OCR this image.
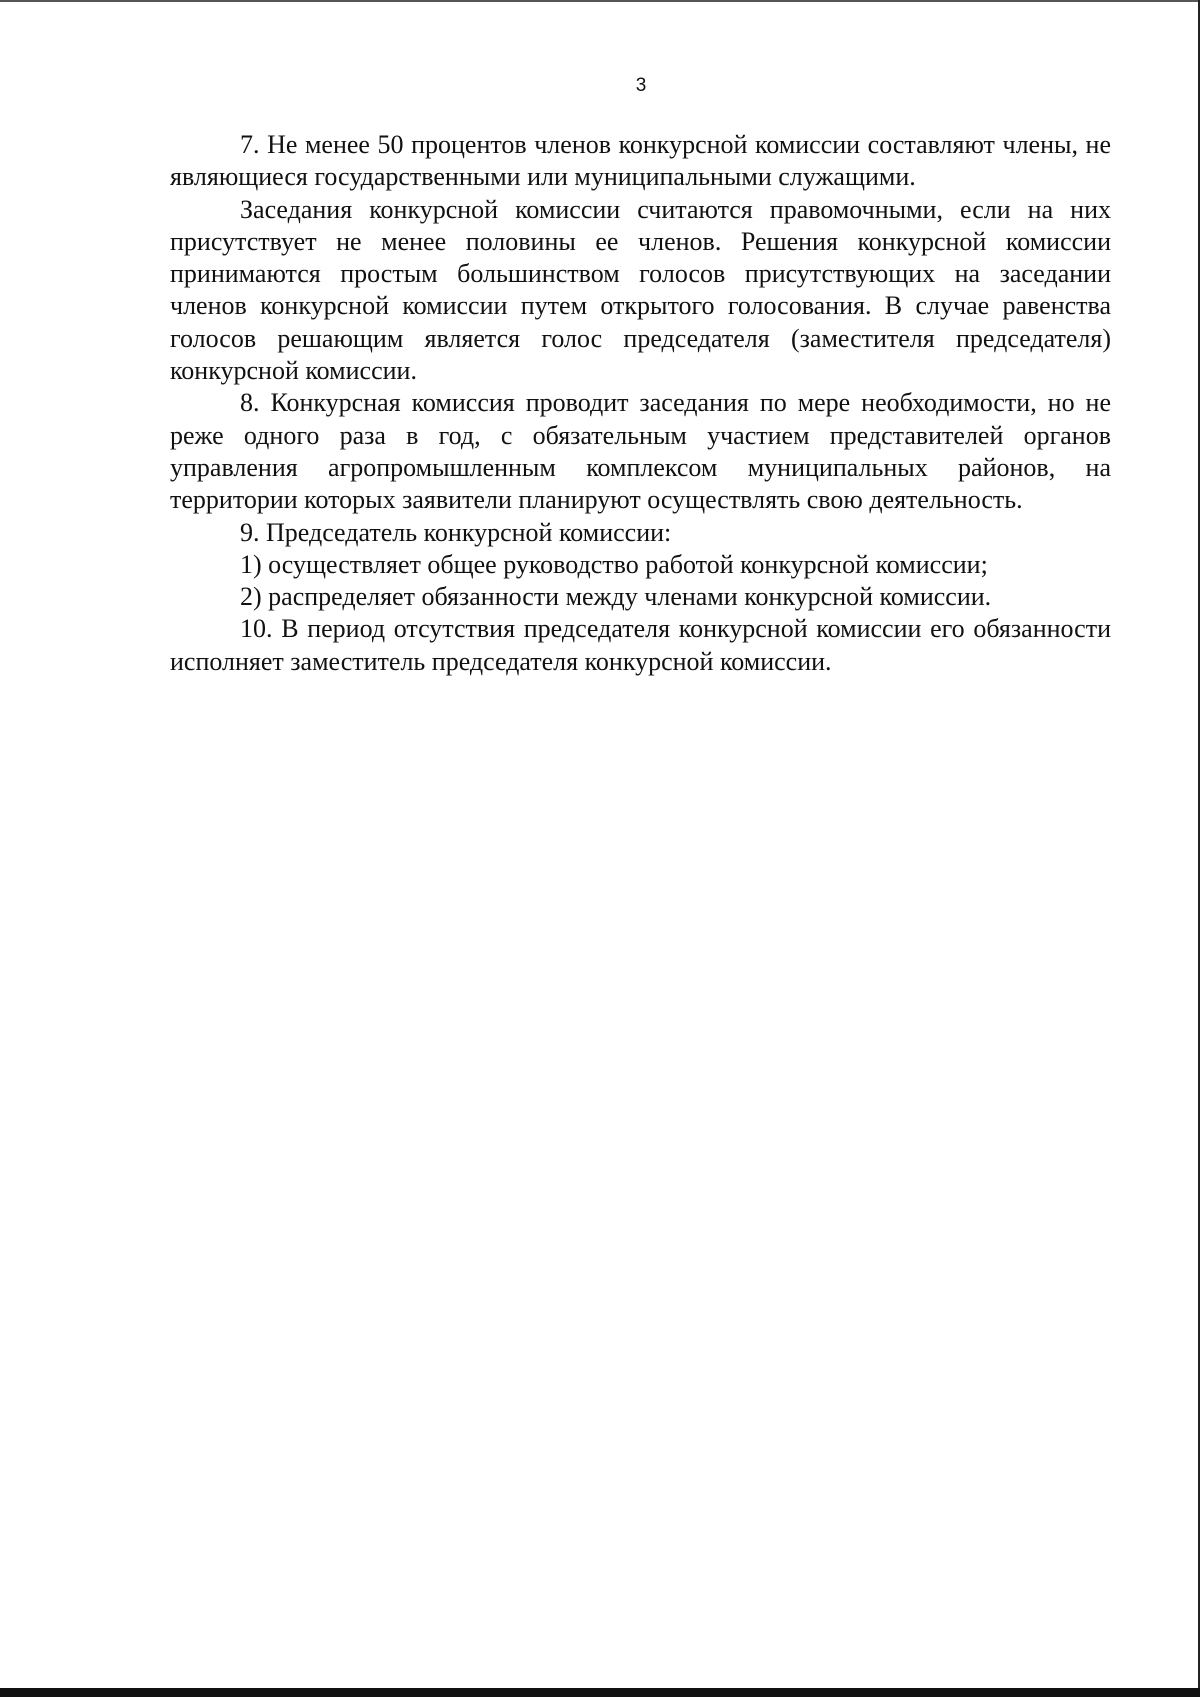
3

7. Не менее 50 процентов членов конкурсной комиссии составляют члены, не являющиеся государственными или муниципальными служащими.

Заседания конкурсной комиссии считаются правомочными, если на них присутствует не менее половины ее членов. Решения конкурсной комиссии принимаются простым большинством голосов присутствующих на заседании членов конкурсной комиссии путем открытого голосования. В случае равенства голосов решающим является голос председателя (заместителя председателя) конкурсной комиссии.

8. Конкурсная комиссия проводит заседания по мере необходимости, но не реже одного раза в год, с обязательным участием представителей органов управления агропромышленным комплексом муниципальных районов, на территории которых заявители планируют осуществлять свою деятельность.

9. Председатель конкурсной комиссии:

1) осуществляет общее руководство работой конкурсной комиссии;

2) распределяет обязанности между членами конкурсной комиссии.

10. В период отсутствия председателя конкурсной комиссии его обязанности исполняет заместитель председателя конкурсной комиссии.
